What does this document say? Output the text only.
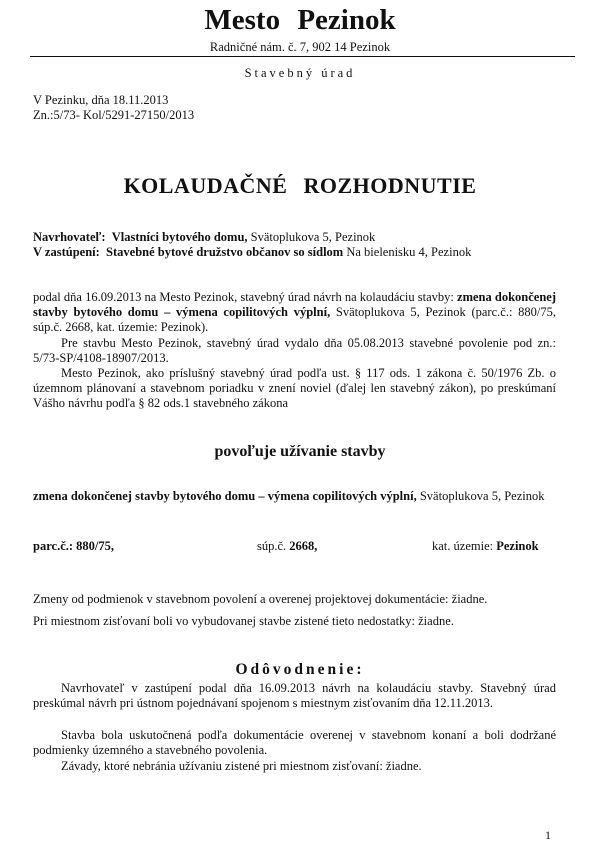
Mesto Pezinok
Radničné nám. č. 7, 902 14 Pezinok
Stavebný úrad
V Pezinku, dňa 18.11.2013
Zn.:5/73- Kol/5291-27150/2013
KOLAUDAČNÉ ROZHODNUTIE
Navrhovateľ: Vlastníci bytového domu, Svätoplukova 5, Pezinok
V zastúpení: Stavebné bytové družstvo občanov so sídlom Na bielenisku 4, Pezinok
podal dňa 16.09.2013 na Mesto Pezinok, stavebný úrad návrh na kolaudáciu stavby: zmena dokončenej stavby bytového domu – výmena copilitových výplní, Svätoplukova 5, Pezinok (parc.č.: 880/75, súp.č. 2668, kat. územie: Pezinok).
Pre stavbu Mesto Pezinok, stavebný úrad vydalo dňa 05.08.2013 stavebné povolenie pod zn.: 5/73-SP/4108-18907/2013.
Mesto Pezinok, ako príslušný stavebný úrad podľa ust. § 117 ods. 1 zákona č. 50/1976 Zb. o územnom plánovaní a stavebnom poriadku v znení noviel (ďalej len stavebný zákon), po preskúmaní Vášho návrhu podľa § 82 ods.1 stavebného zákona
povoľuje užívanie stavby
zmena dokončenej stavby bytového domu – výmena copilitových výplní, Svätoplukova 5, Pezinok
parc.č.: 880/75,	súp.č. 2668,	kat. územie: Pezinok
Zmeny od podmienok v stavebnom povolení a overenej projektovej dokumentácie: žiadne.
Pri miestnom zisťovaní boli vo vybudovanej stavbe zistené tieto nedostatky: žiadne.
Odôvodnenie:
Navrhovateľ v zastúpení podal dňa 16.09.2013 návrh na kolaudáciu stavby. Stavebný úrad preskúmal návrh pri ústnom pojednávaní spojenom s miestnym zisťovaním dňa 12.11.2013.
Stavba bola uskutočnená podľa dokumentácie overenej v stavebnom konaní a boli dodržané podmienky územného a stavebného povolenia.
Závady, ktoré nebránia užívaniu zistené pri miestnom zisťovaní: žiadne.
1
